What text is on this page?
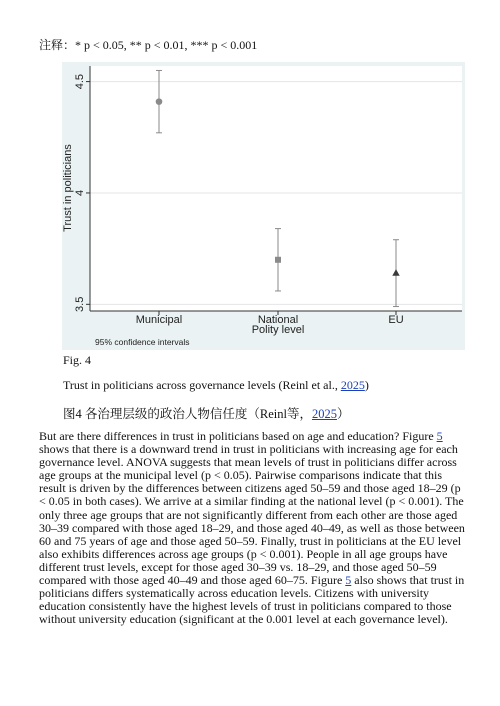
注释：* p < 0.05, ** p < 0.01, *** p < 0.001
4.5
4
3.5
Municipal	National	EU
Trust in politicians
Polity level
95% confidence intervals
Fig. 4
Trust in politicians across governance levels (Reinl et al., 2025)
图4 各治理层级的政治人物信任度（Reinl等，2025）

But are there differences in trust in politicians based on age and education? Figure 5 shows that there is a downward trend in trust in politicians with increasing age for each governance level. ANOVA suggests that mean levels of trust in politicians differ across age groups at the municipal level (p < 0.05). Pairwise comparisons indicate that this result is driven by the differences between citizens aged 50–59 and those aged 18–29 (p < 0.05 in both cases). We arrive at a similar finding at the national level (p < 0.001). The only three age groups that are not significantly different from each other are those aged 30–39 compared with those aged 18–29, and those aged 40–49, as well as those between 60 and 75 years of age and those aged 50–59. Finally, trust in politicians at the EU level also exhibits differences across age groups (p < 0.001). People in all age groups have different trust levels, except for those aged 30–39 vs. 18–29, and those aged 50–59 compared with those aged 40–49 and those aged 60–75. Figure 5 also shows that trust in politicians differs systematically across education levels. Citizens with university education consistently have the highest levels of trust in politicians compared to those without university education (significant at the 0.001 level at each governance level).
